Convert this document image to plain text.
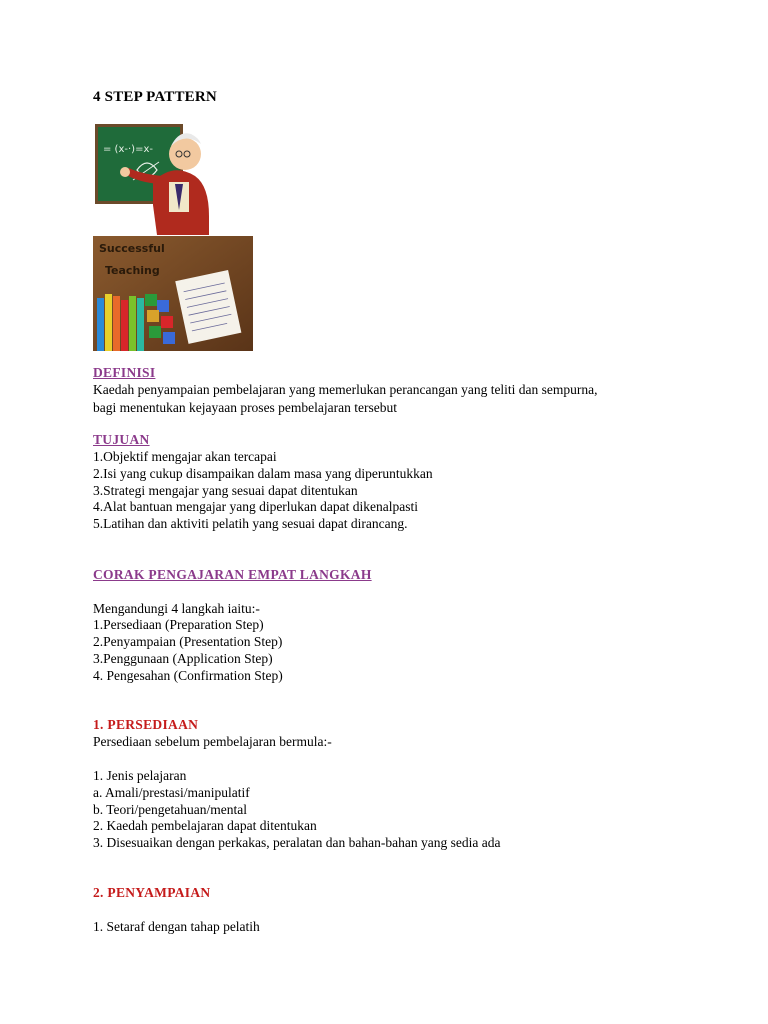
4 STEP PATTERN
= (x-·)=x-
Successful
Teaching
DEFINISI
Kaedah penyampaian pembelajaran yang memerlukan perancangan yang teliti dan sempurna,
bagi menentukan kejayaan proses pembelajaran tersebut
TUJUAN
1.Objektif mengajar akan tercapai
2.Isi yang cukup disampaikan dalam masa yang diperuntukkan
3.Strategi mengajar yang sesuai dapat ditentukan
4.Alat bantuan mengajar yang diperlukan dapat dikenalpasti
5.Latihan dan aktiviti pelatih yang sesuai dapat dirancang.
CORAK PENGAJARAN EMPAT LANGKAH
Mengandungi 4 langkah iaitu:-
1.Persediaan (Preparation Step)
2.Penyampaian (Presentation Step)
3.Penggunaan (Application Step)
4. Pengesahan (Confirmation Step)
1. PERSEDIAAN
Persediaan sebelum pembelajaran bermula:-
1. Jenis pelajaran
a. Amali/prestasi/manipulatif
b. Teori/pengetahuan/mental
2. Kaedah pembelajaran dapat ditentukan
3. Disesuaikan dengan perkakas, peralatan dan bahan-bahan yang sedia ada
2. PENYAMPAIAN
1. Setaraf dengan tahap pelatih
